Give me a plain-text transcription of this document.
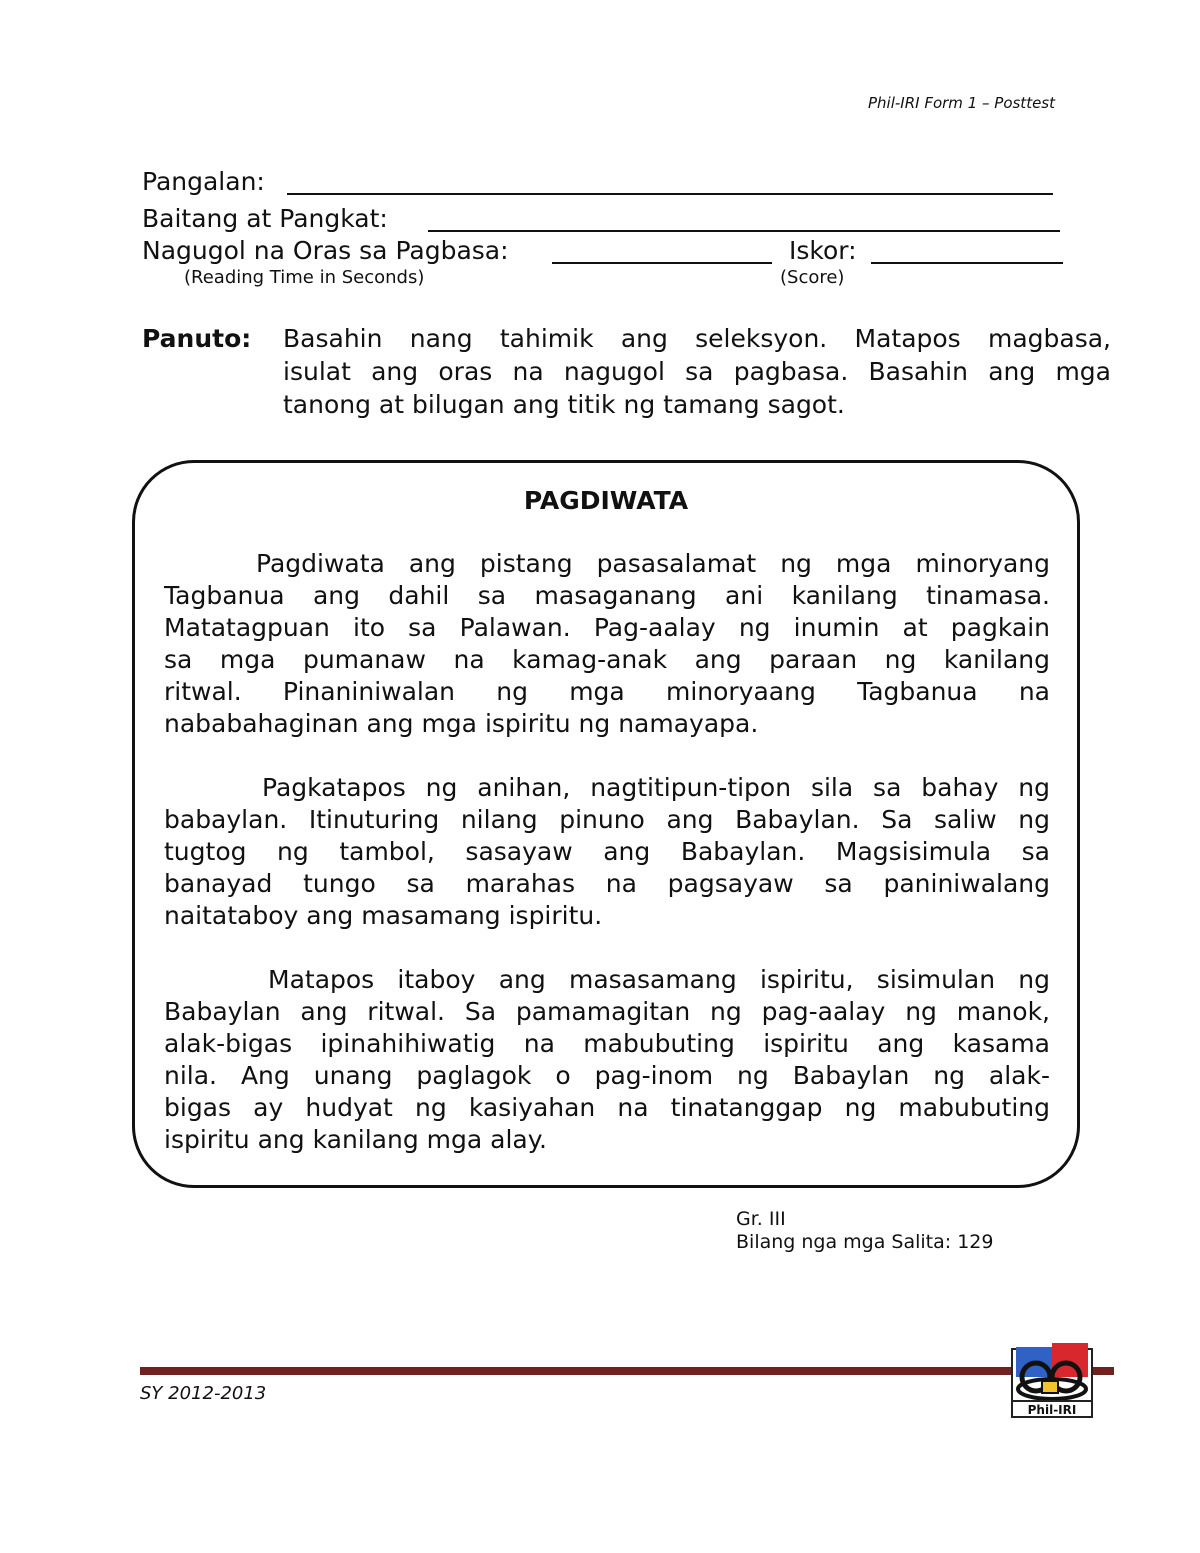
Phil-IRI Form 1 – Posttest
Pangalan:
Baitang at Pangkat:
Nagugol na Oras sa Pagbasa:
(Reading Time in Seconds)
Iskor:
(Score)
Panuto: Basahin nang tahimik ang seleksyon. Matapos magbasa,
isulat ang oras na nagugol sa pagbasa. Basahin ang mga
tanong at bilugan ang titik ng tamang sagot.
PAGDIWATA

Pagdiwata ang pistang pasasalamat ng mga minoryang
Tagbanua ang dahil sa masaganang ani kanilang tinamasa.
Matatagpuan ito sa Palawan. Pag-aalay ng inumin at pagkain
sa mga pumanaw na kamag-anak ang paraan ng kanilang
ritwal. Pinaniniwalan ng mga minoryaang Tagbanua na
nababahaginan ang mga ispiritu ng namayapa.

Pagkatapos ng anihan, nagtitipun-tipon sila sa bahay ng
babaylan. Itinuturing nilang pinuno ang Babaylan. Sa saliw ng
tugtog ng tambol, sasayaw ang Babaylan. Magsisimula sa
banayad tungo sa marahas na pagsayaw sa paniniwalang
naitataboy ang masamang ispiritu.

Matapos itaboy ang masasamang ispiritu, sisimulan ng
Babaylan ang ritwal. Sa pamamagitan ng pag-aalay ng manok,
alak-bigas ipinahihiwatig na mabubuting ispiritu ang kasama
nila. Ang unang paglagok o pag-inom ng Babaylan ng alak-
bigas ay hudyat ng kasiyahan na tinatanggap ng mabubuting
ispiritu ang kanilang mga alay.

Gr. III
Bilang nga mga Salita: 129
SY 2012-2013
Phil-IRI
